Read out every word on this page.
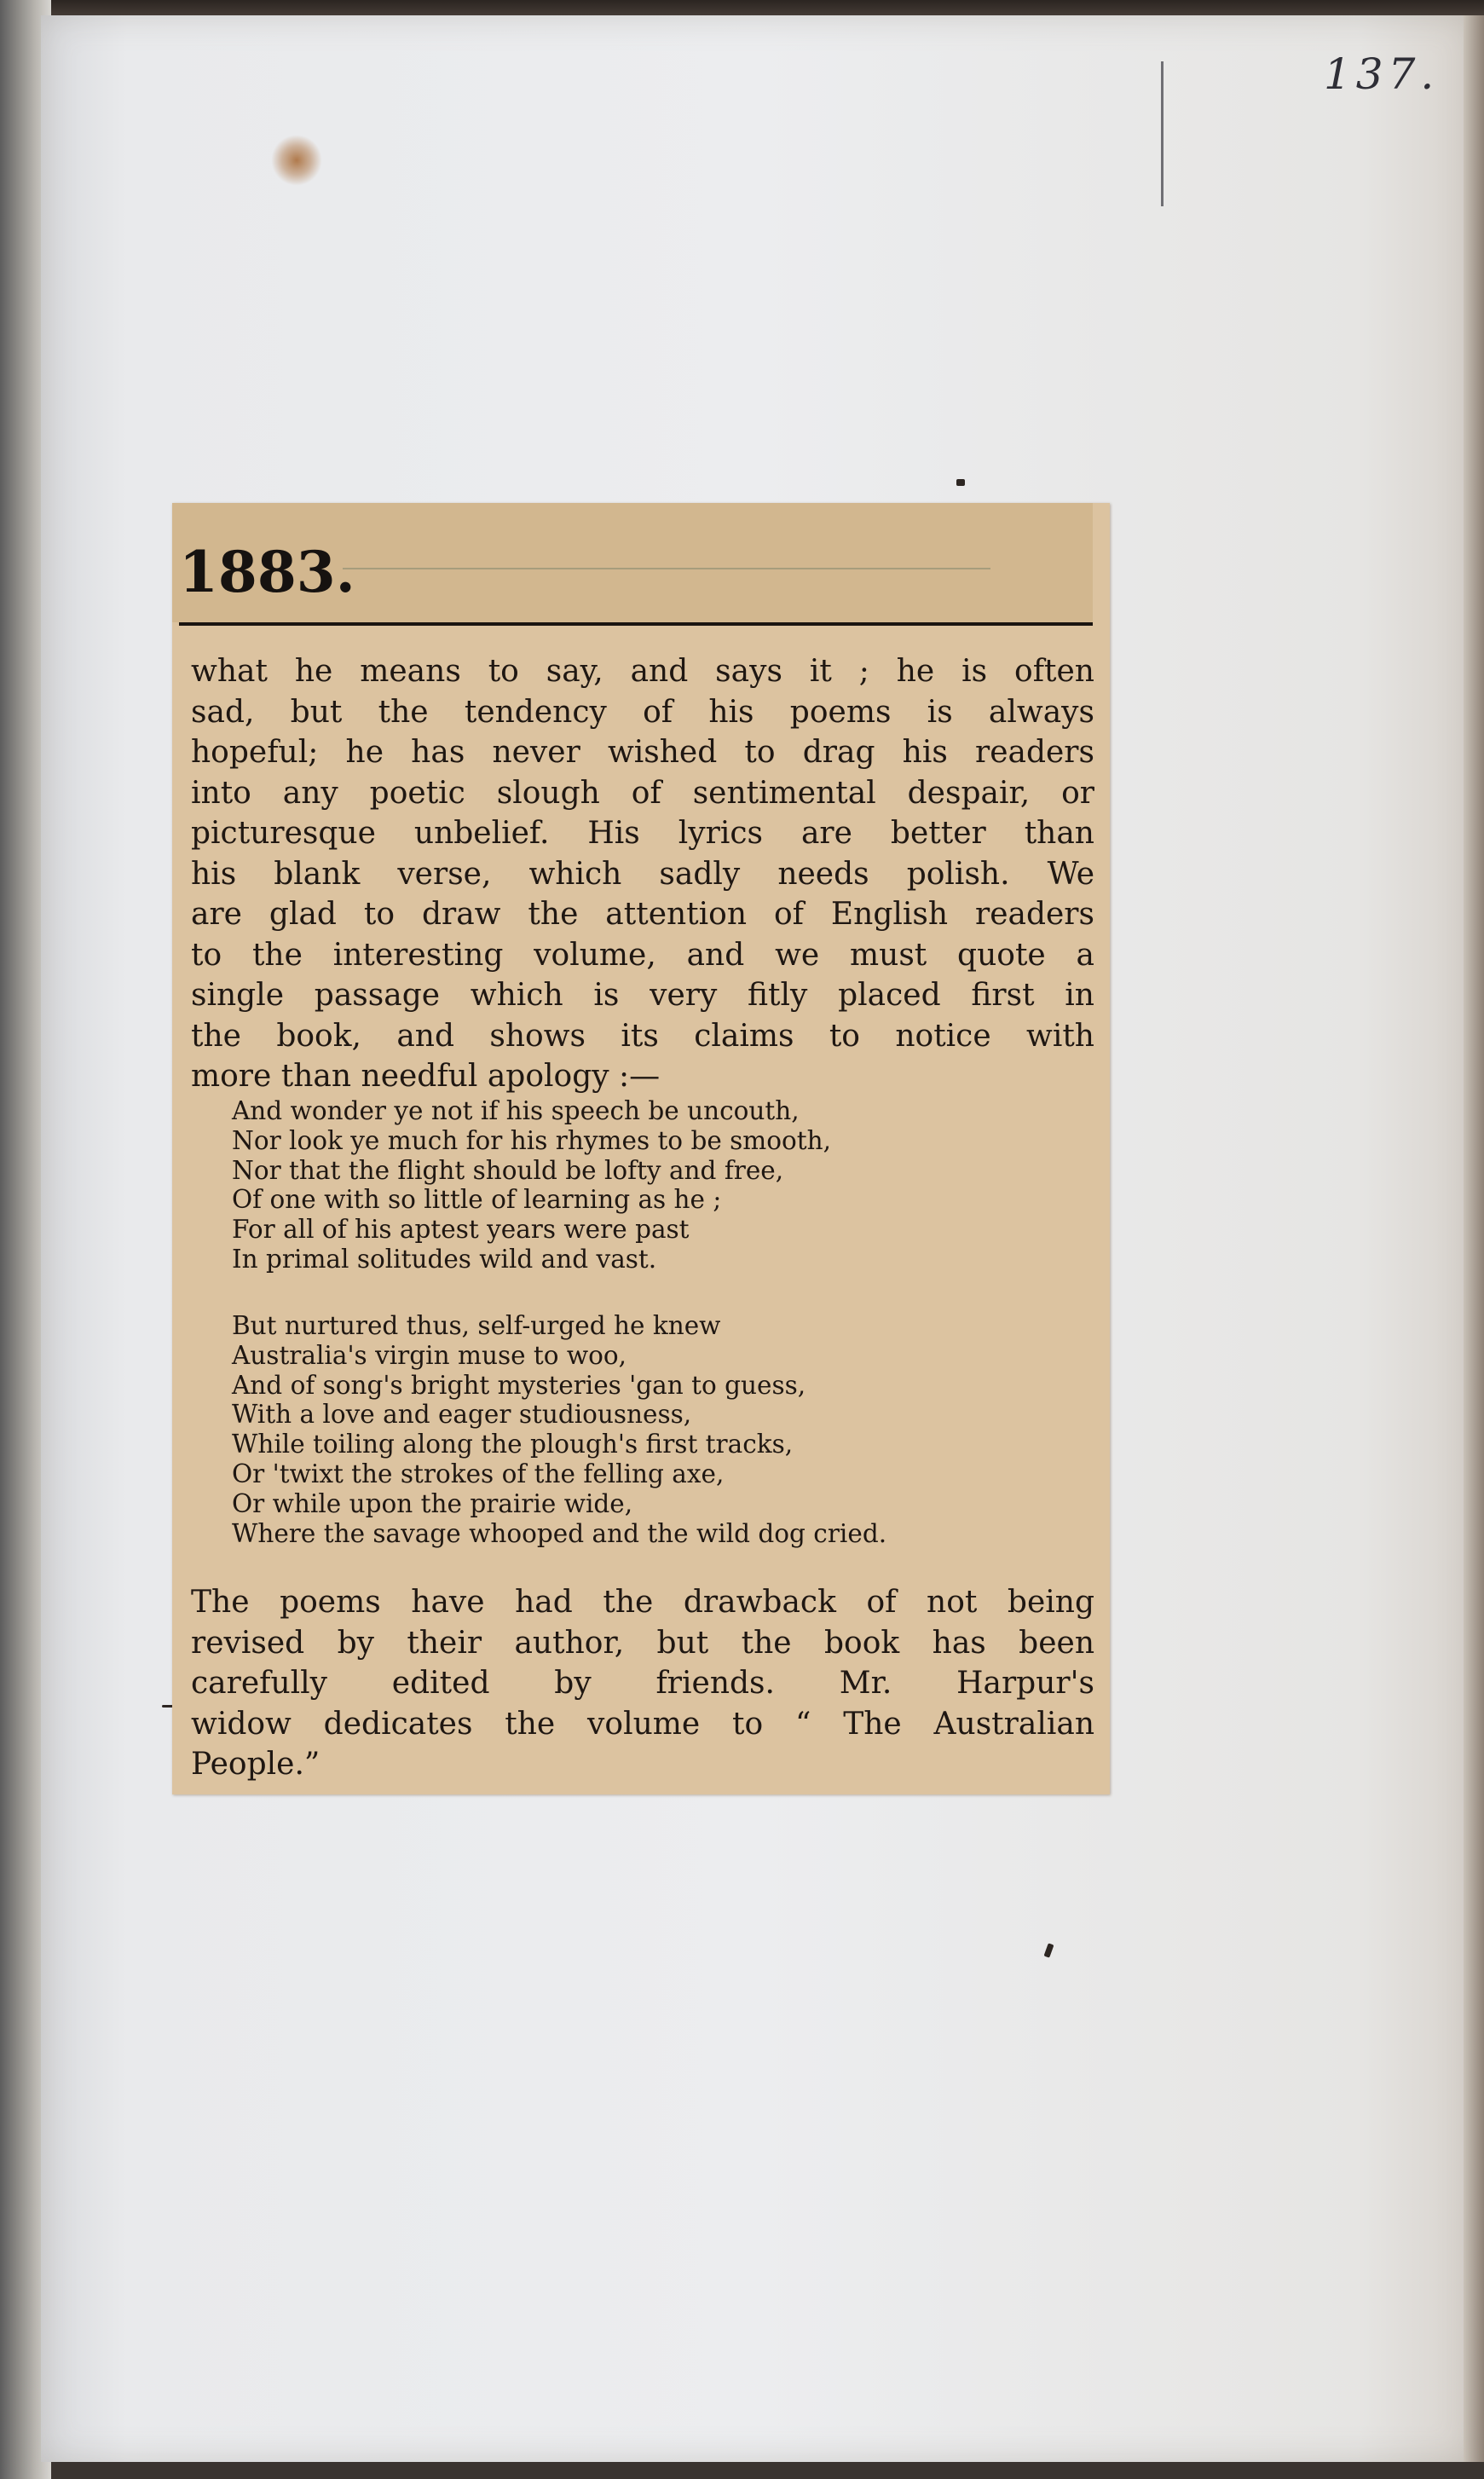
137.
1883.
what he means to say, and says it ; he is often
sad, but the tendency of his poems is always
hopeful; he has never wished to drag his readers
into any poetic slough of sentimental despair, or
picturesque unbelief. His lyrics are better than
his blank verse, which sadly needs polish. We
are glad to draw the attention of English readers
to the interesting volume, and we must quote a
single passage which is very fitly placed first in
the book, and shows its claims to notice with
more than needful apology :—
And wonder ye not if his speech be uncouth,
Nor look ye much for his rhymes to be smooth,
Nor that the flight should be lofty and free,
Of one with so little of learning as he ;
For all of his aptest years were past
In primal solitudes wild and vast.
But nurtured thus, self-urged he knew
Australia's virgin muse to woo,
And of song's bright mysteries 'gan to guess,
With a love and eager studiousness,
While toiling along the plough's first tracks,
Or 'twixt the strokes of the felling axe,
Or while upon the prairie wide,
Where the savage whooped and the wild dog cried.
The poems have had the drawback of not being
revised by their author, but the book has been
carefully edited by friends. Mr. Harpur's
widow dedicates the volume to “ The Australian
People.”
